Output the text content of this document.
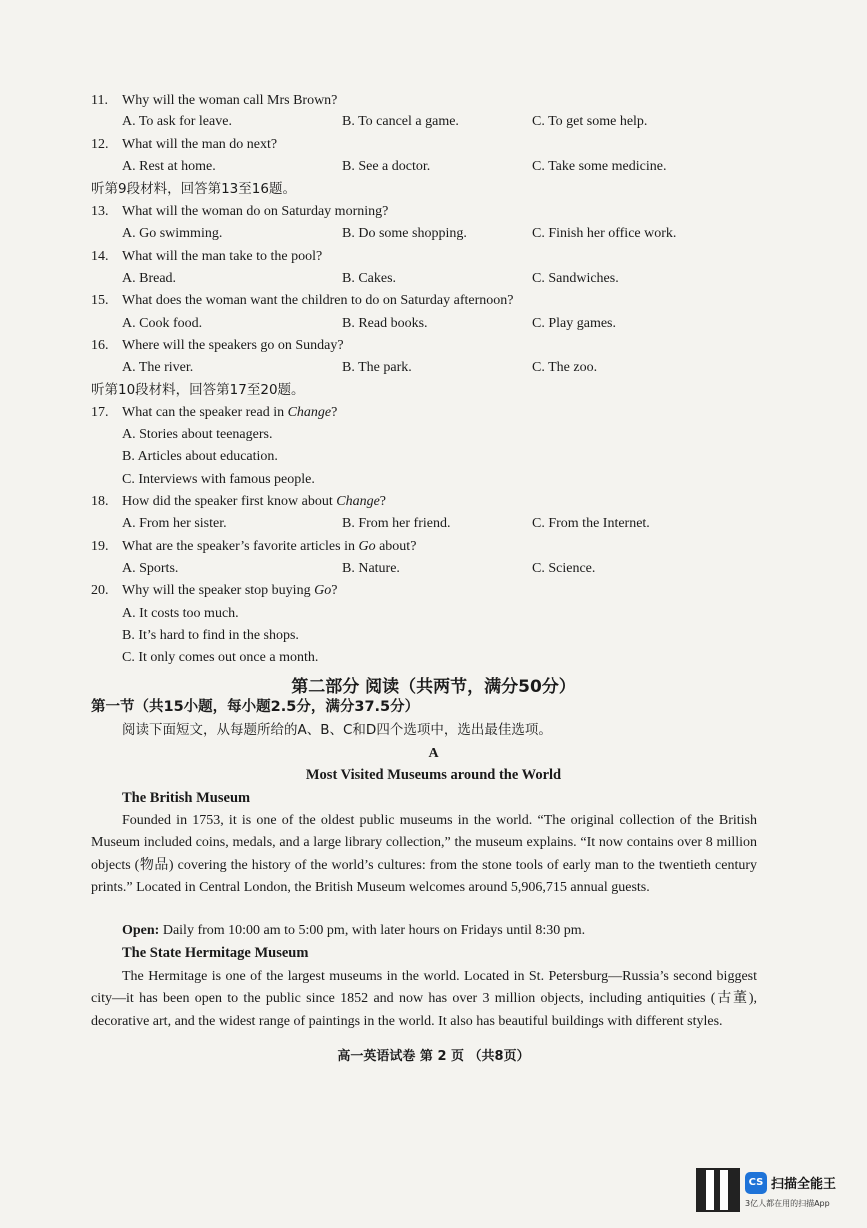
11. Why will the woman call Mrs Brown?
A. To ask for leave.	B. To cancel a game.	C. To get some help.
12. What will the man do next?
A. Rest at home.	B. See a doctor.	C. Take some medicine.
听第9段材料，回答第13至16题。
13. What will the woman do on Saturday morning?
A. Go swimming.	B. Do some shopping.	C. Finish her office work.
14. What will the man take to the pool?
A. Bread.	B. Cakes.	C. Sandwiches.
15. What does the woman want the children to do on Saturday afternoon?
A. Cook food.	B. Read books.	C. Play games.
16. Where will the speakers go on Sunday?
A. The river.	B. The park.	C. The zoo.
听第10段材料，回答第17至20题。
17. What can the speaker read in Change?
A. Stories about teenagers.
B. Articles about education.
C. Interviews with famous people.
18. How did the speaker first know about Change?
A. From her sister.	B. From her friend.	C. From the Internet.
19. What are the speaker’s favorite articles in Go about?
A. Sports.	B. Nature.	C. Science.
20. Why will the speaker stop buying Go?
A. It costs too much.
B. It’s hard to find in the shops.
C. It only comes out once a month.
第二部分 阅读（共两节，满分50分）
第一节（共15小题，每小题2.5分，满分37.5分）
阅读下面短文，从每题所给的A、B、C和D四个选项中，选出最佳选项。
A
Most Visited Museums around the World
The British Museum
Founded in 1753, it is one of the oldest public museums in the world. “The original collection of the British Museum included coins, medals, and a large library collection,” the museum explains. “It now contains over 8 million objects (物品) covering the history of the world’s cultures: from the stone tools of early man to the twentieth century prints.” Located in Central London, the British Museum welcomes around 5,906,715 annual guests.
Open: Daily from 10:00 am to 5:00 pm, with later hours on Fridays until 8:30 pm.
The State Hermitage Museum
The Hermitage is one of the largest museums in the world. Located in St. Petersburg—Russia’s second biggest city—it has been open to the public since 1852 and now has over 3 million objects, including antiquities (古董), decorative art, and the widest range of paintings in the world. It also has beautiful buildings with different styles.
高一英语试卷 第 2 页 （共8页）
CS 扫描全能王
3亿人都在用的扫描App
